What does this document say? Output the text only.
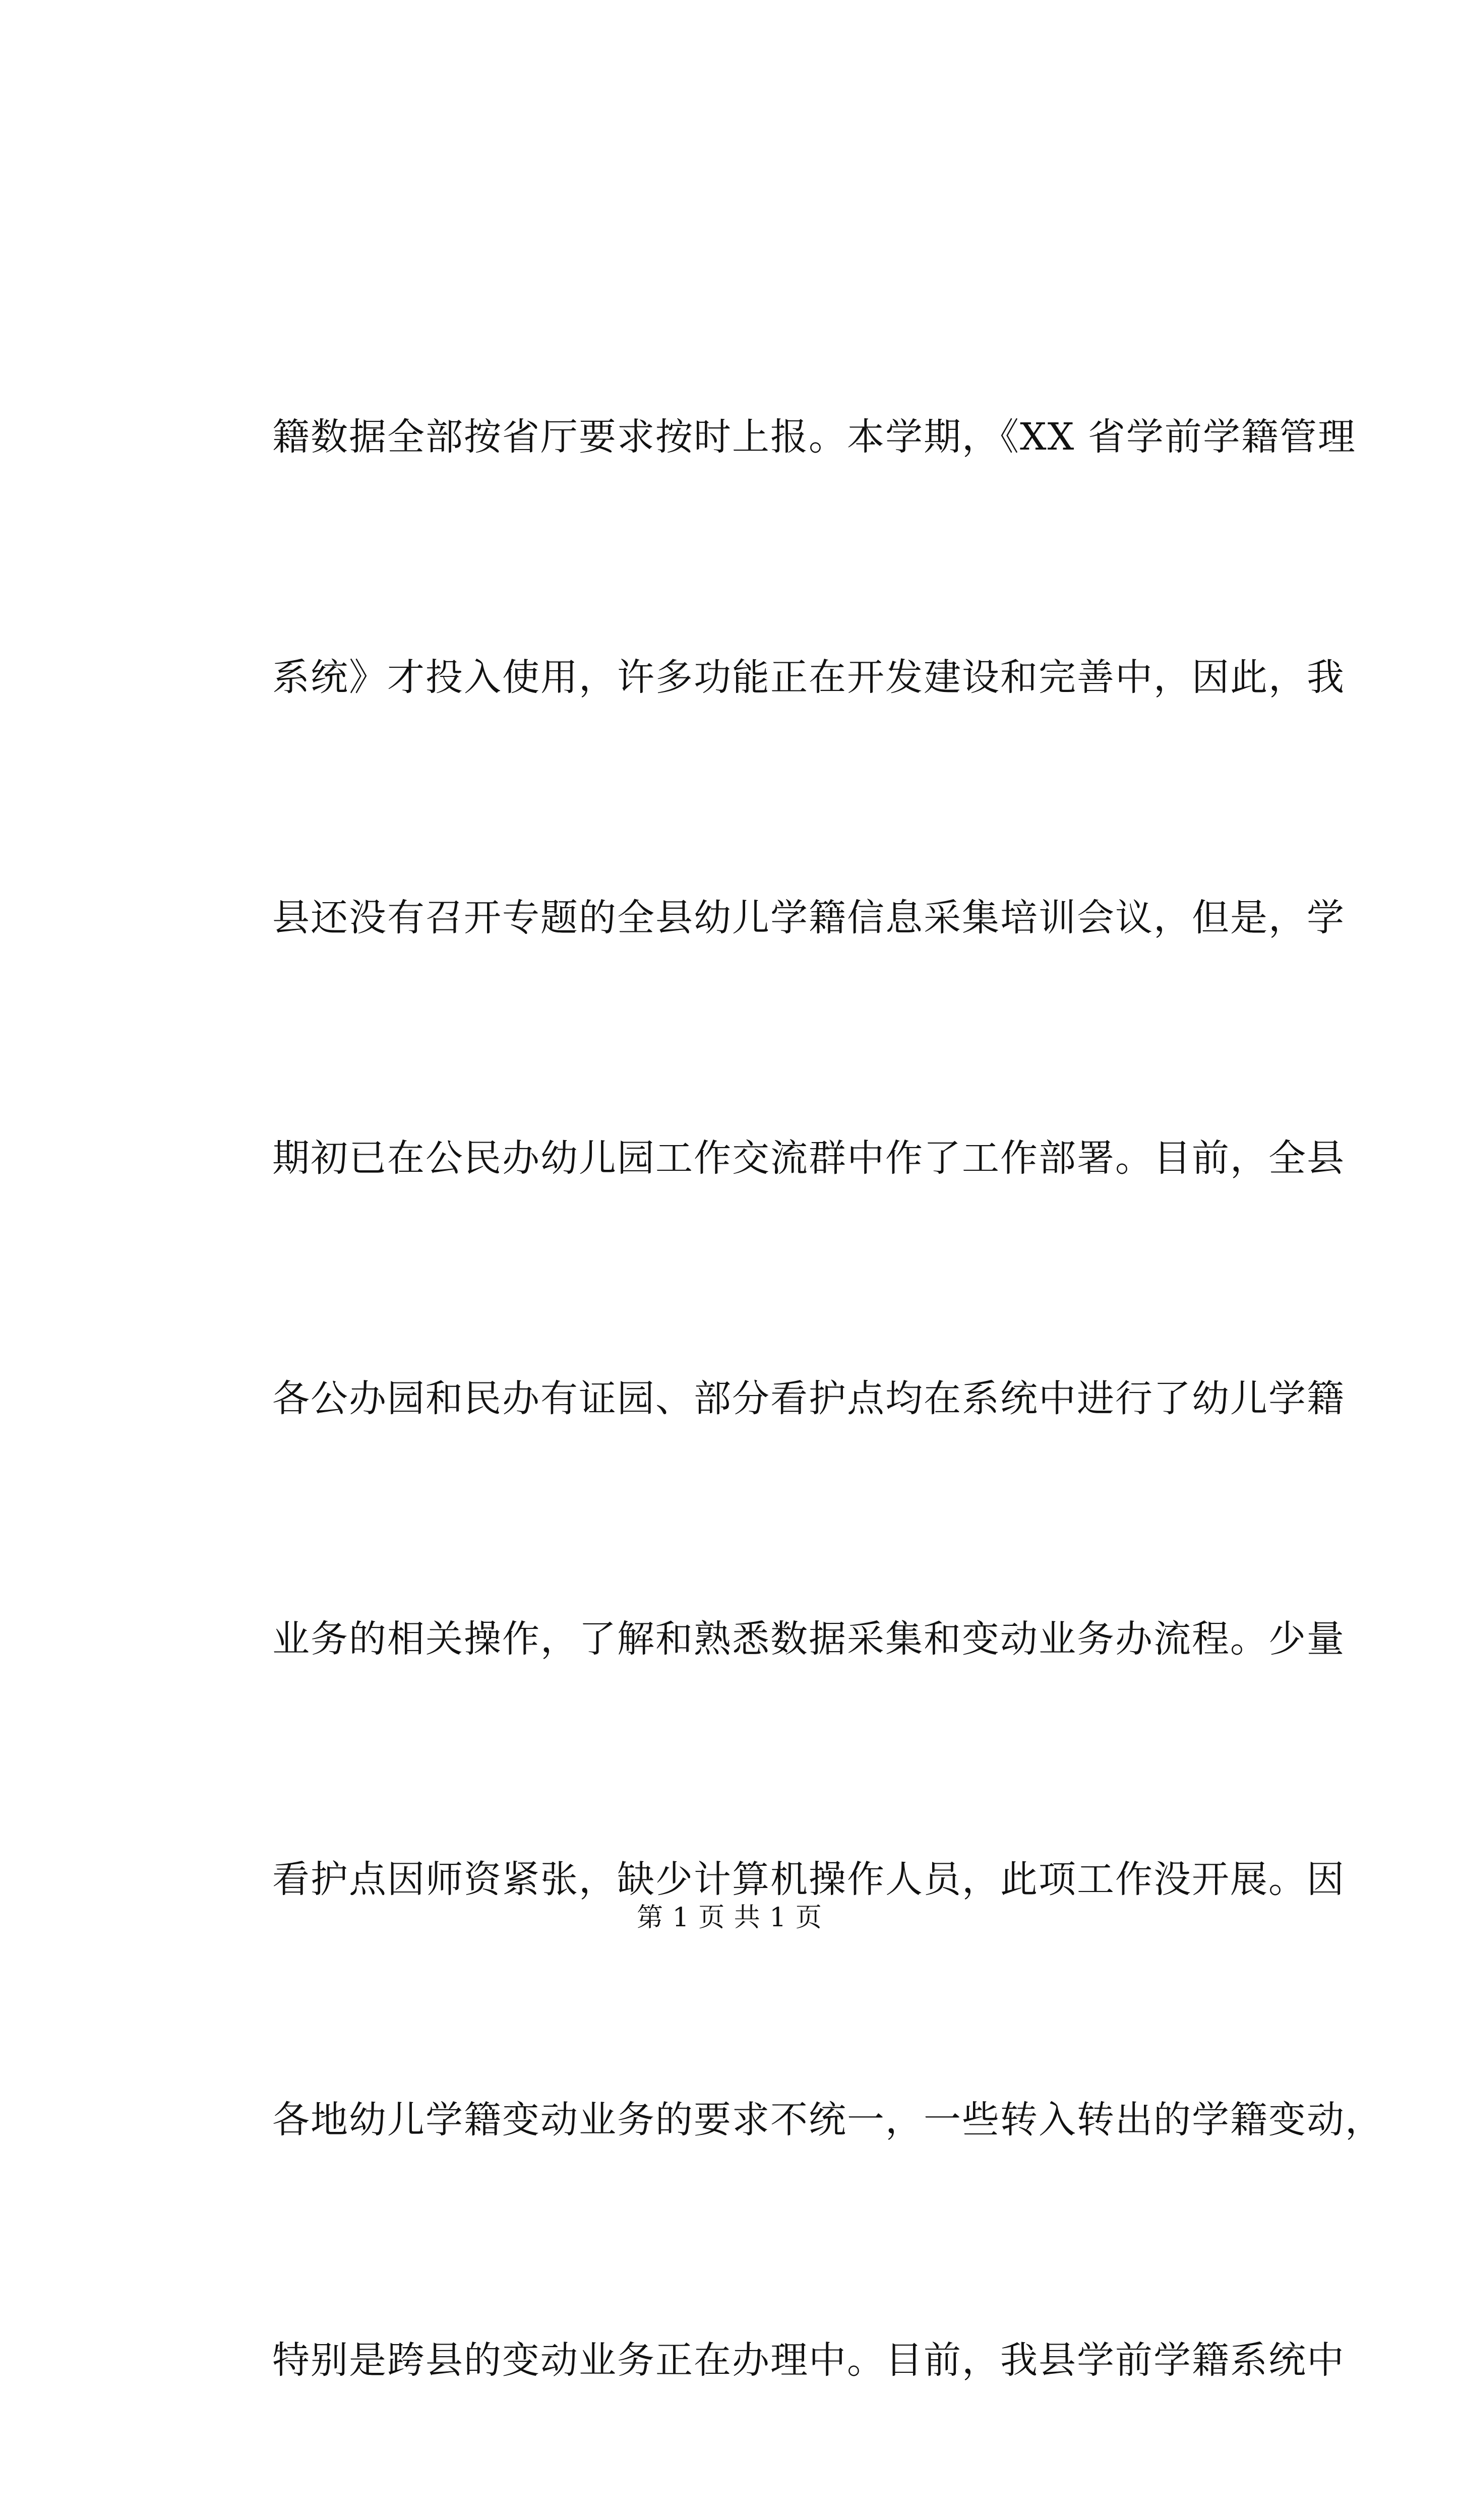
籍数据全部按省厅要求按时上报。本学期，《XX 省学前学籍管理

系统》才投入使用，许多功能正在开发建设和完善中，因此，我

县还没有召开专题的全县幼儿学籍信息采集培训会议，但是，学

期初已在公民办幼儿园工作交流群中作了工作部署。目前，全县

各公办园和民办有证园、部分看护点均在系统中进行了幼儿学籍

业务的相关操作，了解和熟悉数据采集和变动业务办流程。少量

看护点因师资紧张，缺少计算机操作人员，此项工作没开展。因

各地幼儿学籍变动业务的要求不统一，一些转入转出的学籍变动，

特别是跨县的变动业务正在办理中。目前，我县学前学籍系统中

第 1 页 共 1 页
